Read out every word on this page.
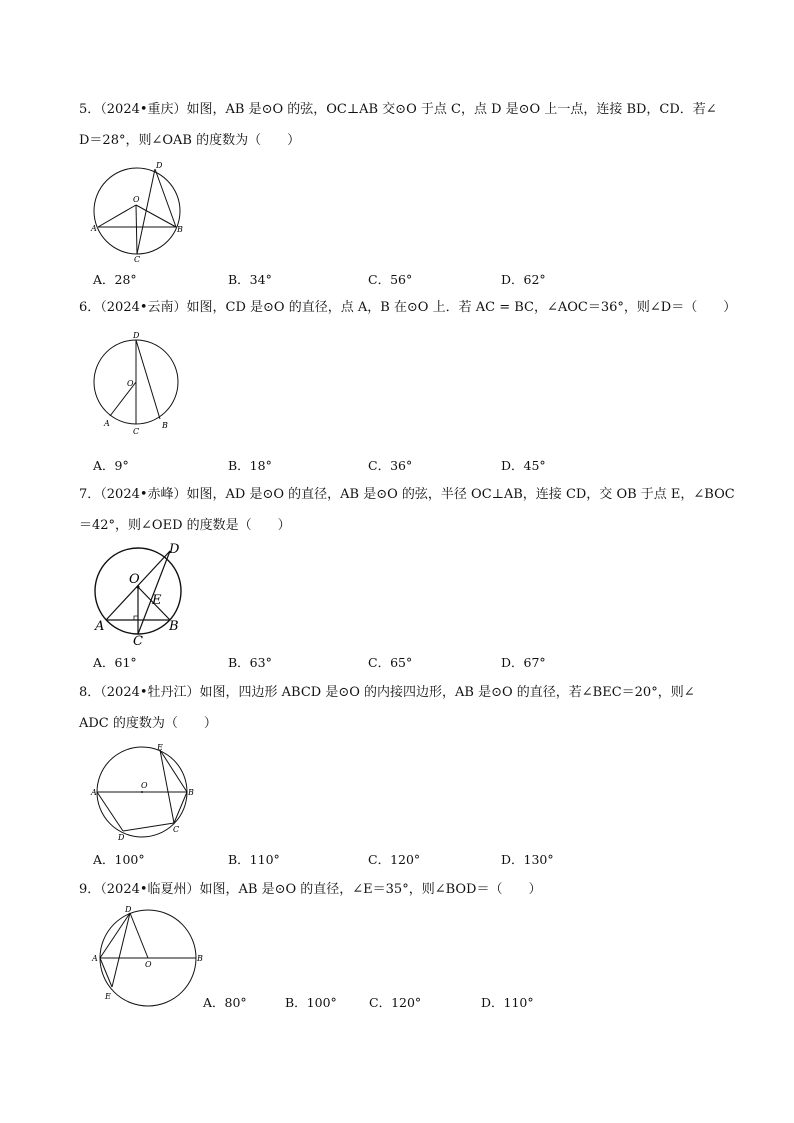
5．（2024•重庆）如图，AB 是⊙O 的弦，OC⊥AB 交⊙O 于点 C，点 D 是⊙O 上一点，连接 BD，CD．若∠
D＝28°，则∠OAB 的度数为（　　）
D
O
A	B
C
A．28°	B．34°	C．56°	D．62°
6．（2024•云南）如图，CD 是⊙O 的直径，点 A，B 在⊙O 上．若 AC = BC，∠AOC＝36°，则∠D＝（　　）
D
O
A
C
B
A．9°	B．18°	C．36°	D．45°
7．（2024•赤峰）如图，AD 是⊙O 的直径，AB 是⊙O 的弦，半径 OC⊥AB，连接 CD，交 OB 于点 E，∠BOC
＝42°，则∠OED 的度数是（　　）
D
O
E
A
C
B
A．61°	B．63°	C．65°	D．67°
8．（2024•牡丹江）如图，四边形 ABCD 是⊙O 的内接四边形，AB 是⊙O 的直径，若∠BEC＝20°，则∠
ADC 的度数为（　　）
E
O
A	B
D
C
A．100°	B．110°	C．120°	D．130°
9．（2024•临夏州）如图，AB 是⊙O 的直径，∠E＝35°，则∠BOD＝（　　）
D
A
O
B
E	A．80°	B．100°	C．120°	D．110°
